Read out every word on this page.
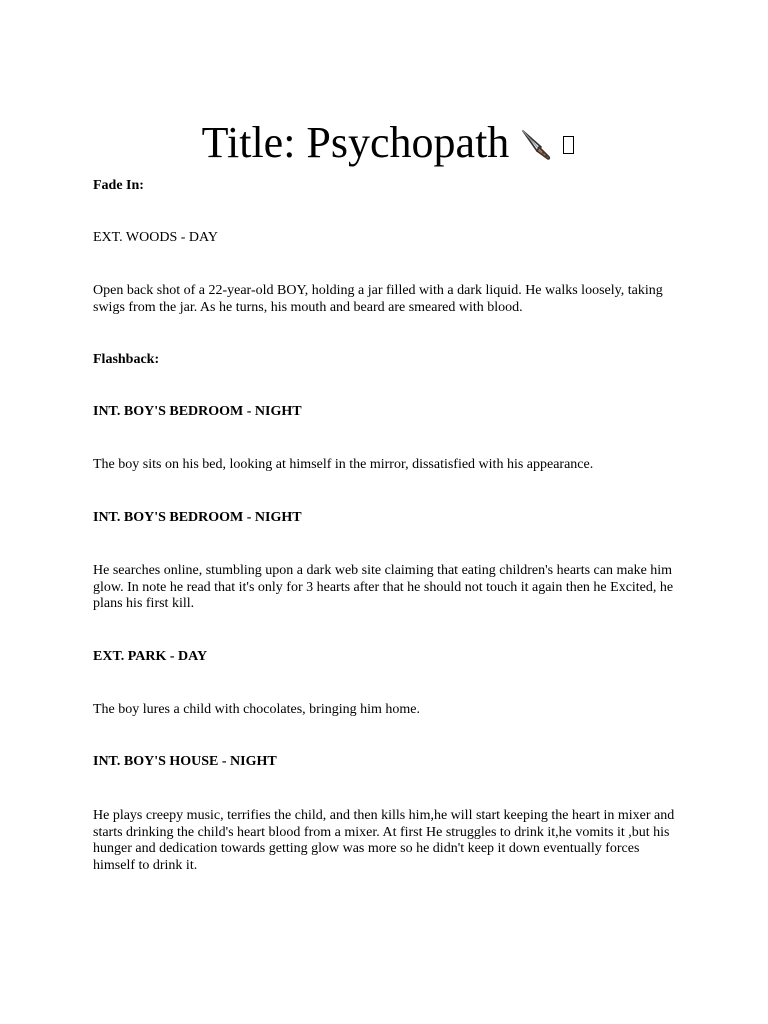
Title: Psychopath

Fade In:

EXT. WOODS - DAY

Open back shot of a 22-year-old BOY, holding a jar filled with a dark liquid. He walks loosely, taking swigs from the jar. As he turns, his mouth and beard are smeared with blood.

Flashback:

INT. BOY'S BEDROOM - NIGHT

The boy sits on his bed, looking at himself in the mirror, dissatisfied with his appearance.

INT. BOY'S BEDROOM - NIGHT

He searches online, stumbling upon a dark web site claiming that eating children's hearts can make him glow. In note he read that it's only for 3 hearts after that he should not touch it again then he Excited, he plans his first kill.

EXT. PARK - DAY

The boy lures a child with chocolates, bringing him home.

INT. BOY'S HOUSE - NIGHT

He plays creepy music, terrifies the child, and then kills him,he will start keeping the heart in mixer and starts drinking the child's heart blood from a mixer. At first He struggles to drink it,he vomits it ,but his hunger and dedication towards getting glow was more so he didn't keep it down eventually forces himself to drink it.
